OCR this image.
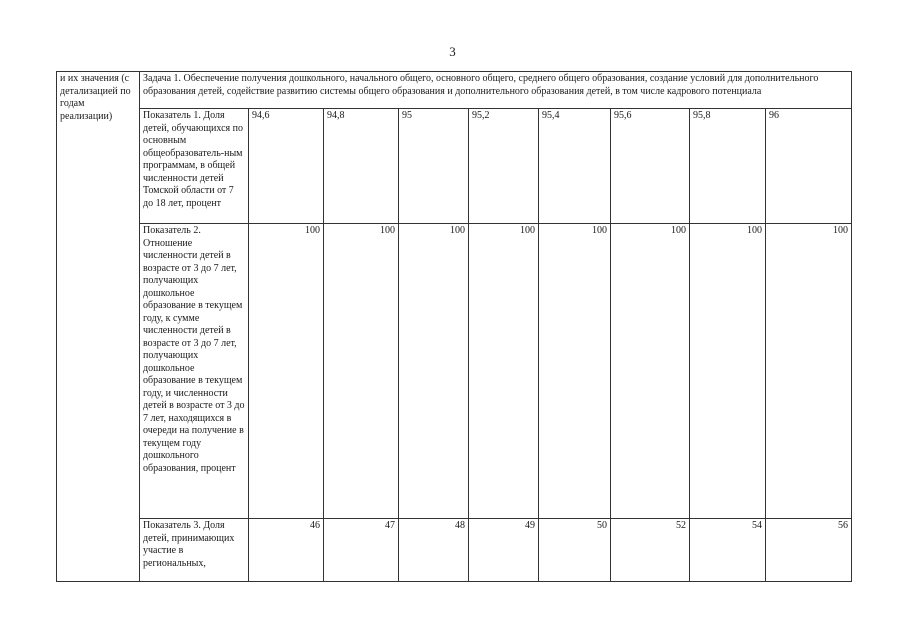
3
и их значения (с детализацией по годам реализации)	Задача 1. Обеспечение получения дошкольного, начального общего, основного общего, среднего общего образования, создание условий для дополнительного образования детей, содействие развитию системы общего образования и дополнительного образования детей, в том числе кадрового потенциала								
	Показатель 1. Доля детей, обучающихся по основным общеобразователь-ным программам, в общей численности детей Томской области от 7 до 18 лет, процент	94,6	94,8	95	95,2	95,4	95,6	95,8	96
	Показатель 2. Отношение численности детей в возрасте от 3 до 7 лет, получающих дошкольное образование в текущем году, к сумме численности детей в возрасте от 3 до 7 лет, получающих дошкольное образование в текущем году, и численности детей в возрасте от 3 до 7 лет, находящихся в очереди на получение в текущем году дошкольного образования, процент	100	100	100	100	100	100	100	100
	Показатель 3. Доля детей, принимающих участие в региональных,	46	47	48	49	50	52	54	56
